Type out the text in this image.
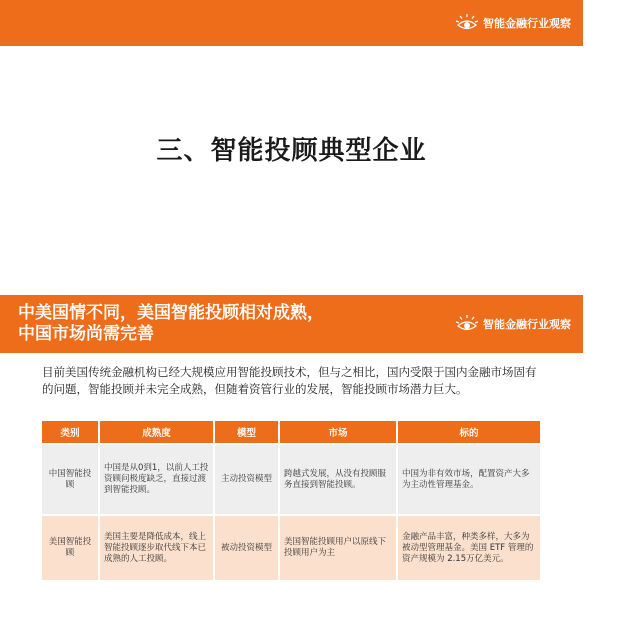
智能金融行业观察
三、智能投顾典型企业
中美国情不同，美国智能投顾相对成熟，
中国市场尚需完善	智能金融行业观察
目前美国传统金融机构已经大规模应用智能投顾技术，但与之相比，国内受限于国内金融市场固有的问题，智能投顾并未完全成熟，但随着资管行业的发展，智能投顾市场潜力巨大。
类别	成熟度	模型	市场	标的
中国智能投顾	中国是从0到1，以前人工投资顾问极度缺乏，直接过渡到智能投顾。	主动投资模型	跨越式发展，从没有投顾服务直接到智能投顾。	中国为非有效市场，配置资产大多为主动性管理基金。
美国智能投顾	美国主要是降低成本，线上智能投顾逐步取代线下本已成熟的人工投顾。	被动投资模型	美国智能投顾用户以原线下投顾用户为主	金融产品丰富，种类多样，大多为被动型管理基金。美国 ETF 管理的资产规模为 2.15万亿美元。
